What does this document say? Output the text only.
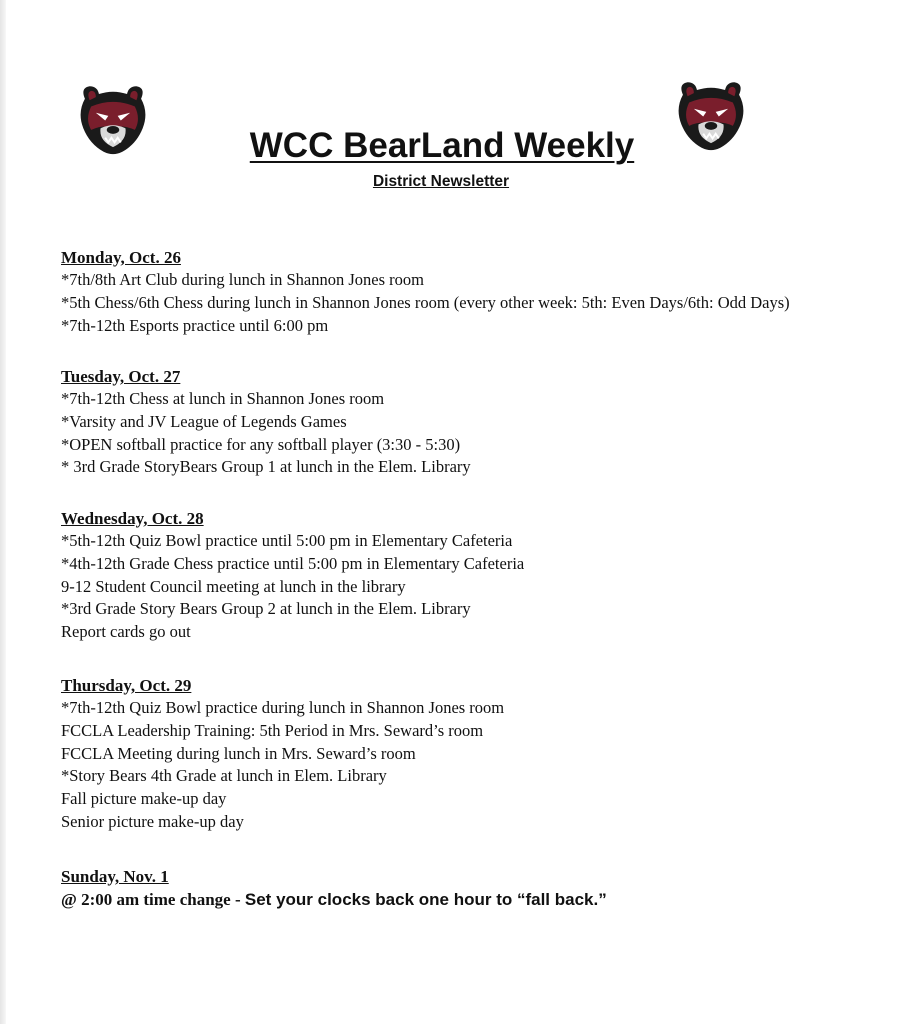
WCC BearLand Weekly
District Newsletter
Monday, Oct. 26
*7th/8th Art Club during lunch in Shannon Jones room
*5th Chess/6th Chess during lunch in Shannon Jones room (every other week: 5th: Even Days/6th: Odd Days)
*7th-12th Esports practice until 6:00 pm
Tuesday, Oct. 27
*7th-12th Chess at lunch in Shannon Jones room
*Varsity and JV League of Legends Games
*OPEN softball practice for any softball player (3:30 - 5:30)
* 3rd Grade StoryBears Group 1 at lunch in the Elem. Library
Wednesday, Oct. 28
*5th-12th Quiz Bowl practice until 5:00 pm in Elementary Cafeteria
*4th-12th Grade Chess practice until 5:00 pm in Elementary Cafeteria
9-12 Student Council meeting at lunch in the library
*3rd Grade Story Bears Group 2 at lunch in the Elem. Library
Report cards go out
Thursday, Oct. 29
*7th-12th Quiz Bowl practice during lunch in Shannon Jones room
FCCLA Leadership Training: 5th Period in Mrs. Seward’s room
FCCLA Meeting during lunch in Mrs. Seward’s room
*Story Bears 4th Grade at lunch in Elem. Library
Fall picture make-up day
Senior picture make-up day
Sunday, Nov. 1
@ 2:00 am time change - Set your clocks back one hour to “fall back.”
